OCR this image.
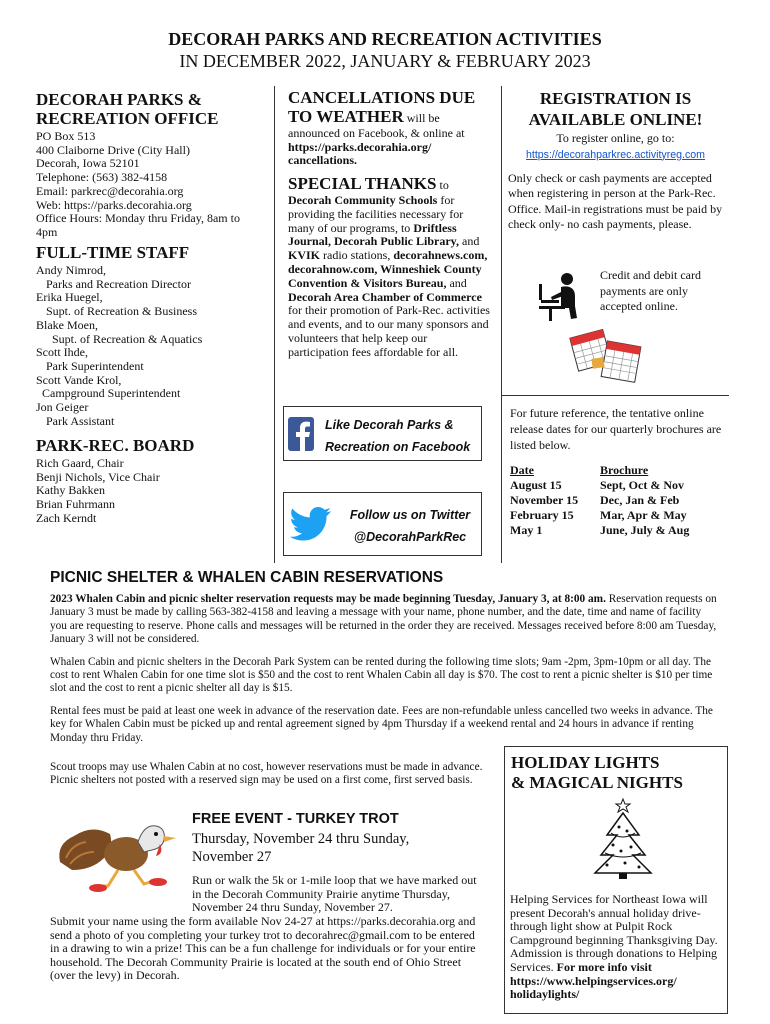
DECORAH PARKS AND RECREATION ACTIVITIES
IN DECEMBER 2022, JANUARY & FEBRUARY 2023
DECORAH PARKS &
RECREATION OFFICE
PO Box 513
400 Claiborne Drive (City Hall)
Decorah, Iowa 52101
Telephone: (563) 382-4158
Email: parkrec@decorahia.org
Web: https://parks.decorahia.org
Office Hours: Monday thru Friday, 8am to
4pm
FULL-TIME STAFF
Andy Nimrod,
Parks and Recreation Director
Erika Huegel,
Supt. of Recreation & Business
Blake Moen,
Supt. of Recreation & Aquatics
Scott Ihde,
Park Superintendent
Scott Vande Krol,
Campground Superintendent
Jon Geiger
Park Assistant
PARK-REC. BOARD
Rich Gaard, Chair
Benji Nichols, Vice Chair
Kathy Bakken
Brian Fuhrmann
Zach Kerndt
CANCELLATIONS DUE
TO WEATHER will be
announced on Facebook, & online at
https://parks.decorahia.org/
cancellations.
SPECIAL THANKS to

Decorah Community Schools for providing the facilities necessary for many of our programs, to Driftless Journal, Decorah Public Library, and KVIK radio stations, decorahnews.com, decorahnow.com, Winneshiek County Convention & Visitors Bureau, and Decorah Area Chamber of Commerce for their promotion of Park-Rec. activities and events, and to our many sponsors and volunteers that help keep our participation fees affordable for all.

Like Decorah Parks &
Recreation on Facebook
Follow us on Twitter
@DecorahParkRec
REGISTRATION IS
AVAILABLE ONLINE!
To register online, go to:
https://decorahparkrec.activityreg.com

Only check or cash payments are accepted when registering in person at the Park-Rec. Office. Mail-in registrations must be paid by check only- no cash payments, please.

Credit and debit card payments are only accepted online.

For future reference, the tentative online release dates for our quarterly brochures are listed below.

Date	Brochure
August 15	Sept, Oct & Nov
November 15	Dec, Jan & Feb
February 15	Mar, Apr & May
May 1	June, July & Aug
PICNIC SHELTER & WHALEN CABIN RESERVATIONS

2023 Whalen Cabin and picnic shelter reservation requests may be made beginning Tuesday, January 3, at 8:00 am. Reservation requests on January 3 must be made by calling 563-382-4158 and leaving a message with your name, phone number, and the date, time and name of facility you are requesting to reserve. Phone calls and messages will be returned in the order they are received. Messages received before 8:00 am Tuesday, January 3 will not be considered.

Whalen Cabin and picnic shelters in the Decorah Park System can be rented during the following time slots; 9am -2pm, 3pm-10pm or all day. The cost to rent Whalen Cabin for one time slot is $50 and the cost to rent Whalen Cabin all day is $70. The cost to rent a picnic shelter is $10 per time slot and the cost to rent a picnic shelter all day is $15.

Rental fees must be paid at least one week in advance of the reservation date. Fees are non-refundable unless cancelled two weeks in advance. The key for Whalen Cabin must be picked up and rental agreement signed by 4pm Thursday if a weekend rental and 24 hours in advance if renting Monday thru Friday.

Scout troops may use Whalen Cabin at no cost, however reservations must be made in advance. Picnic shelters not posted with a reserved sign may be used on a first come, first served basis.

HOLIDAY LIGHTS
& MAGICAL NIGHTS
Helping Services for Northeast Iowa will present Decorah's annual holiday drive-through light show at Pulpit Rock Campground beginning Thanksgiving Day. Admission is through donations to Helping Services. For more info visit https://www.helpingservices.org/ holidaylights/
FREE EVENT - TURKEY TROT
Thursday, November 24 thru Sunday,
November 27

Run or walk the 5k or 1-mile loop that we have marked out in the Decorah Community Prairie anytime Thursday, November 24 thru Sunday, November 27.

Submit your name using the form available Nov 24-27 at https://parks.decorahia.org and send a photo of you completing your turkey trot to decorahrec@gmail.com to be entered in a drawing to win a prize! This can be a fun challenge for individuals or for your entire household. The Decorah Community Prairie is located at the south end of Ohio Street (over the levy) in Decorah.
